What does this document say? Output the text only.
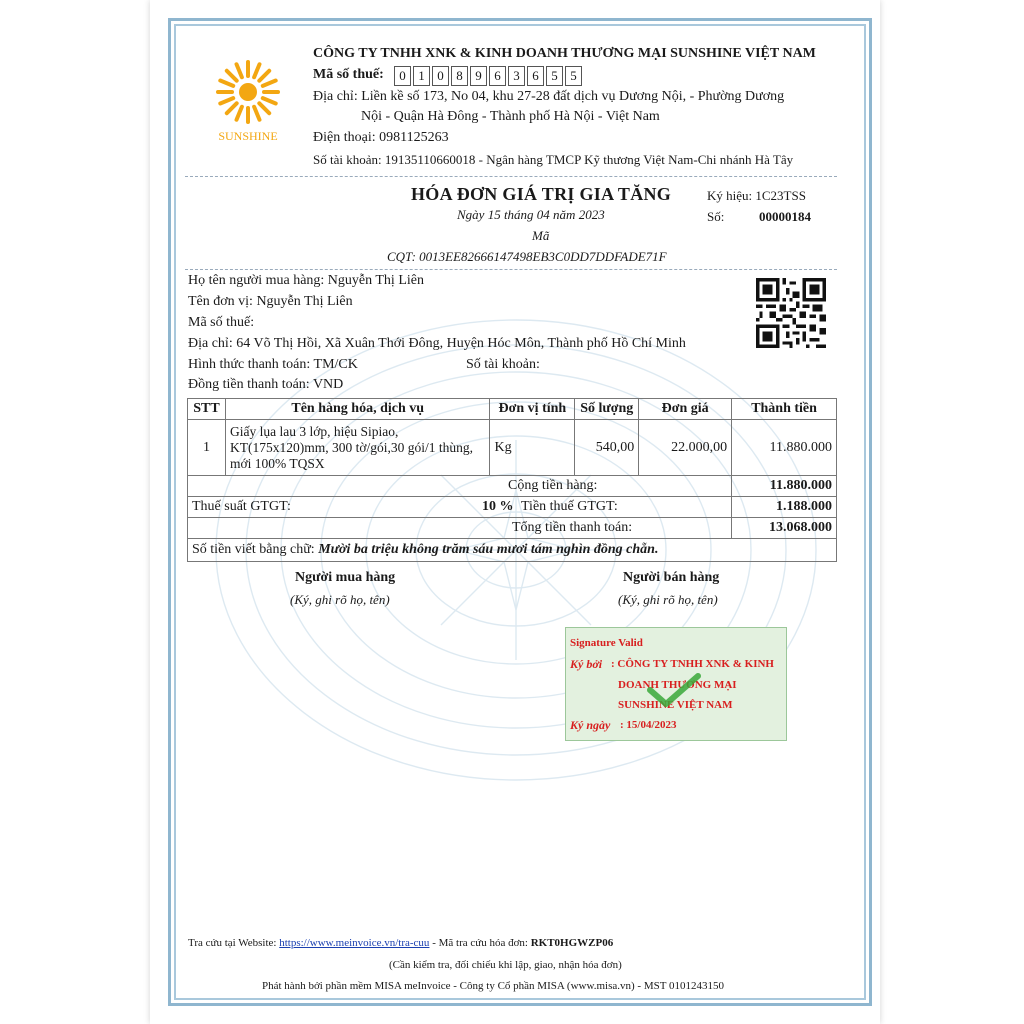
SUNSHINE
CÔNG TY TNHH XNK & KINH DOANH THƯƠNG MẠI SUNSHINE VIỆT NAM
Mã số thuế:	0 1 0 8 9 6 3 6 5 5
Địa chỉ: Liền kề số 173, No 04, khu 27-28 đất dịch vụ Dương Nội, - Phường Dương
Nội - Quận Hà Đông - Thành phố Hà Nội - Việt Nam
Điện thoại: 0981125263
Số tài khoản: 19135110660018 - Ngân hàng TMCP Kỹ thương Việt Nam-Chi nhánh Hà Tây
HÓA ĐƠN GIÁ TRỊ GIA TĂNG
Ngày 15 tháng 04 năm 2023
Mã
CQT: 0013EE82666147498EB3C0DD7DDFADE71F
Ký hiệu: 1C23TSS
Số:	00000184
Họ tên người mua hàng: Nguyễn Thị Liên
Tên đơn vị: Nguyễn Thị Liên
Mã số thuế:
Địa chỉ: 64 Võ Thị Hồi, Xã Xuân Thới Đông, Huyện Hóc Môn, Thành phố Hồ Chí Minh
Hình thức thanh toán: TM/CK	Số tài khoản:
Đồng tiền thanh toán: VND
STT	Tên hàng hóa, dịch vụ	Đơn vị tính	Số lượng	Đơn giá	Thành tiền
1	Giấy lụa lau 3 lớp, hiệu Sipiao, KT(175x120)mm, 300 tờ/gói,30 gói/1 thùng, mới 100% TQSX	Kg	540,00	22.000,00	11.880.000
Cộng tiền hàng:					11.880.000
Thuế suất GTGT: 10 % Tiền thuế GTGT:					1.188.000
Tổng tiền thanh toán:					13.068.000
Số tiền viết bằng chữ: Mười ba triệu không trăm sáu mươi tám nghìn đồng chẵn.					
Người mua hàng
(Ký, ghi rõ họ, tên)
Người bán hàng
(Ký, ghi rõ họ, tên)
Signature Valid
Ký bởi : CÔNG TY TNHH XNK & KINH
DOANH THƯƠNG MẠI
SUNSHINE VIỆT NAM
Ký ngày : 15/04/2023
Tra cứu tại Website: https://www.meinvoice.vn/tra-cuu - Mã tra cứu hóa đơn: RKT0HGWZP06
(Cần kiểm tra, đối chiếu khi lập, giao, nhận hóa đơn)
Phát hành bởi phần mềm MISA meInvoice - Công ty Cổ phần MISA (www.misa.vn) - MST 0101243150
